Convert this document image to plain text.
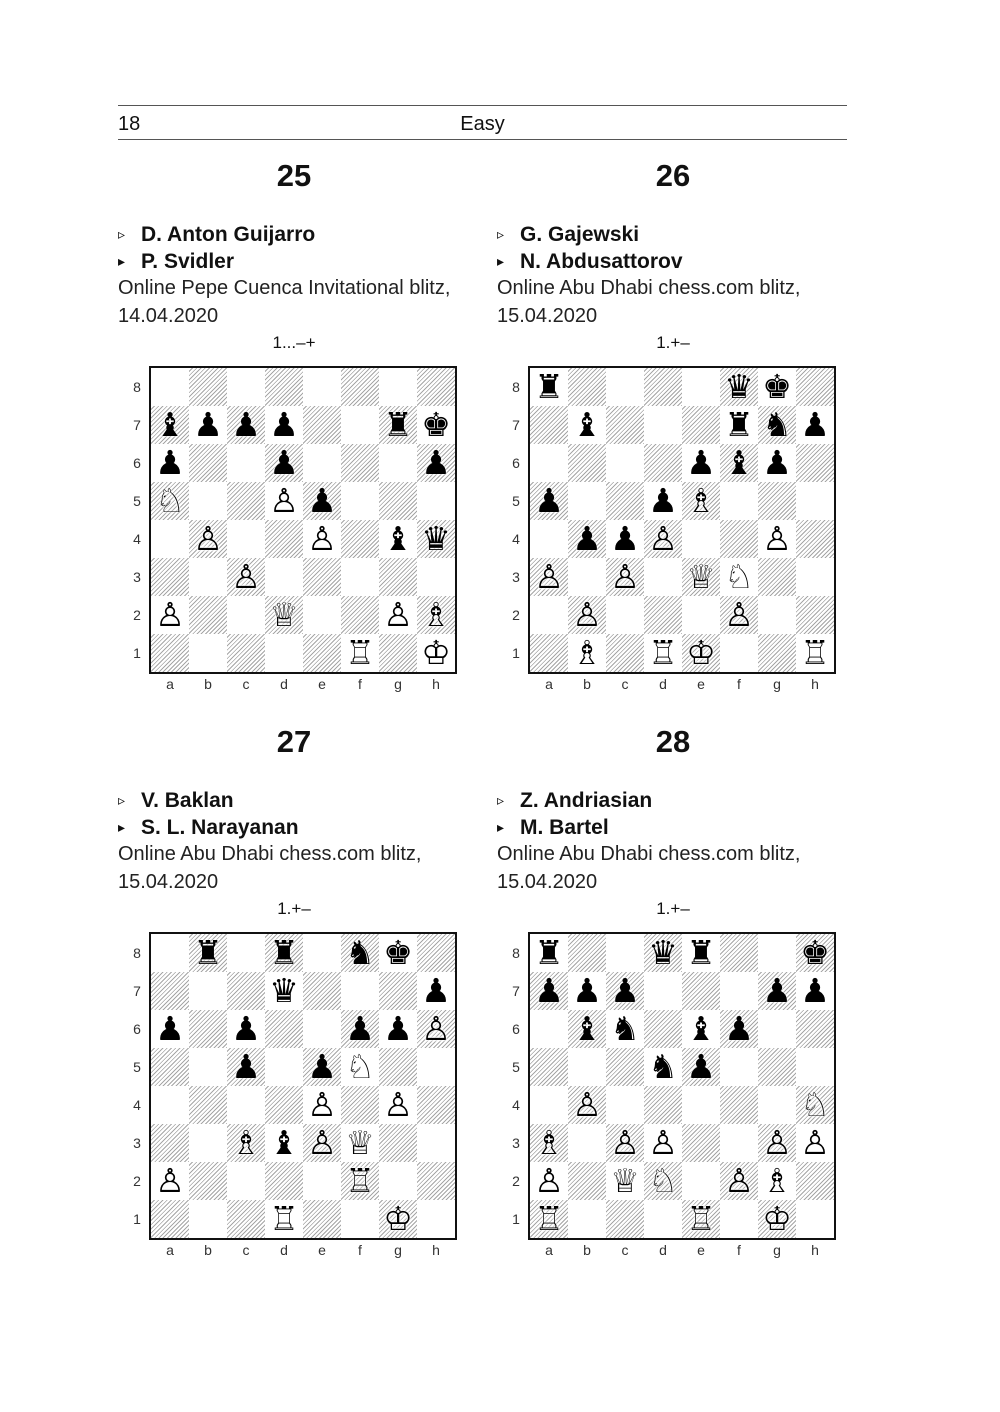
18	Easy
25
▹ D. Anton Guijarro
▸ P. Svidler
Online Pepe Cuenca Invitational blitz,
14.04.2020
1...–+
8
7
6
5
4
3
2
1
♝ ♟ ♟ ♟	♜ ♚
♟	♟	♟
♘	♙ ♟
♙	♙ ♝ ♛
♙
♙	♕	♙ ♗
♖ ♔
a	b	c	d	e	f	g	h
26
▹ G. Gajewski
▸ N. Abdusattorov
Online Abu Dhabi chess.com blitz,
15.04.2020
1.+–
8
7
6
5
4
3
2
1
♜	♛ ♚
♝	♜ ♞ ♟
♟ ♝ ♟
♟	♟ ♗
♟ ♟ ♙	♙
♙ ♙ ♕ ♘
♙	♙
♗ ♖ ♔	♖
a	b	c	d	e	f	g	h
27
▹ V. Baklan
▸ S. L. Narayanan
Online Abu Dhabi chess.com blitz,
15.04.2020
1.+–
8
7
6
5
4
3
2
1
♜ ♜ ♞ ♚
♛	♟
♟ ♟	♟ ♟ ♙
♟ ♟ ♘
♙ ♙
♗ ♝ ♙ ♕
♙	♖
♖	♔
a	b	c	d	e	f	g	h
28
▹ Z. Andriasian
▸ M. Bartel
Online Abu Dhabi chess.com blitz,
15.04.2020
1.+–
8
7
6
5
4
3
2
1
♜	♛ ♜	♚
♟ ♟ ♟	♟ ♟
♝ ♞ ♝ ♟
♞ ♟
♙	♘
♗ ♙ ♙	♙ ♙
♙ ♕ ♘ ♙ ♗
♖	♖ ♔
a	b	c	d	e	f	g	h
